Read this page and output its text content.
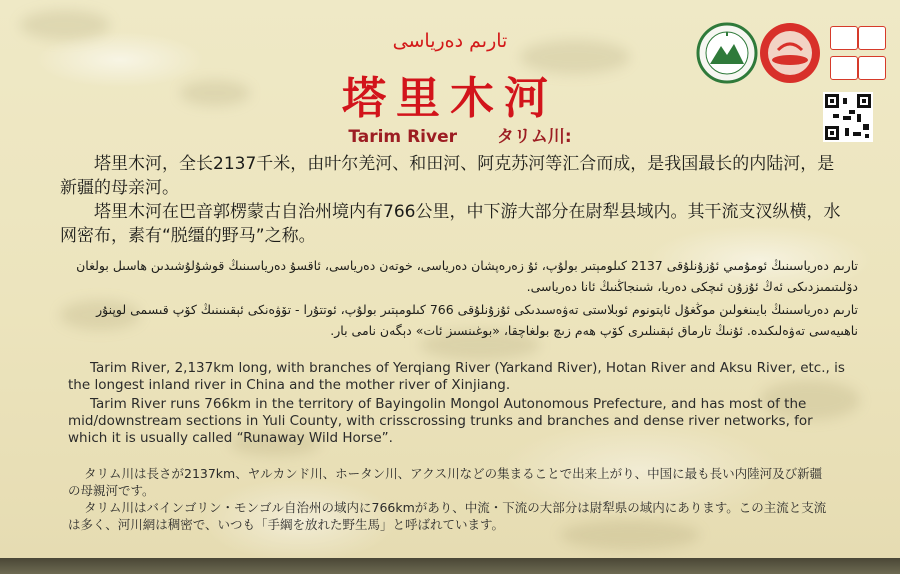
تارىم دەرياسى
塔里木河
Tarim River タリム川:
塔里木河，全长2137千米，由叶尔羌河、和田河、阿克苏河等汇合而成，是我国最长的内陆河，是新疆的母亲河。
塔里木河在巴音郭楞蒙古自治州境内有766公里，中下游大部分在尉犁县域内。其干流支汊纵横，水网密布，素有“脱缰的野马”之称。
تارىم دەرياسىنىڭ ئومۇمىي ئۇزۇنلۇقى 2137 كىلومېتىر بولۇپ، ئۇ زەرەپشان دەرياسى، خوتەن دەرياسى، ئاقسۇ دەرياسىنىڭ قوشۇلۇشىدىن ھاسىل بولغان دۆلىتىمىزدىكى ئەڭ ئۇزۇن ئىچكى دەريا، شىنجاڭنىڭ ئانا دەرياسى.
تارىم دەرياسىنىڭ بايىنغولىن موڭغۇل ئاپتونوم ئوبلاستى تەۋەسىدىكى ئۇزۇنلۇقى 766 كىلومېتىر بولۇپ، ئوتتۇرا - تۆۋەنكى ئېقىنىنىڭ كۆپ قىسمى لوپنۇر ناھىيەسى تەۋەلىكىدە. ئۇنىڭ تارماق ئېقىنلىرى كۆپ ھەم زىچ بولغاچقا، «بوغىنسىز ئات» دېگەن نامى بار.
Tarim River, 2,137km long, with branches of Yerqiang River (Yarkand River), Hotan River and Aksu River, etc., is the longest inland river in China and the mother river of Xinjiang.
Tarim River runs 766km in the territory of Bayingolin Mongol Autonomous Prefecture, and has most of the mid/downstream sections in Yuli County, with crisscrossing trunks and branches and dense river networks, for which it is usually called “Runaway Wild Horse”.
タリム川は長さが2137km、ヤルカンド川、ホータン川、アクス川などの集まることで出来上がり、中国に最も長い内陸河及び新疆の母親河です。
タリム川はバインゴリン・モンゴル自治州の域内に766kmがあり、中流・下流の大部分は尉犁県の域内にあります。この主流と支流は多く、河川網は稠密で、いつも「手綱を放れた野生馬」と呼ばれています。
